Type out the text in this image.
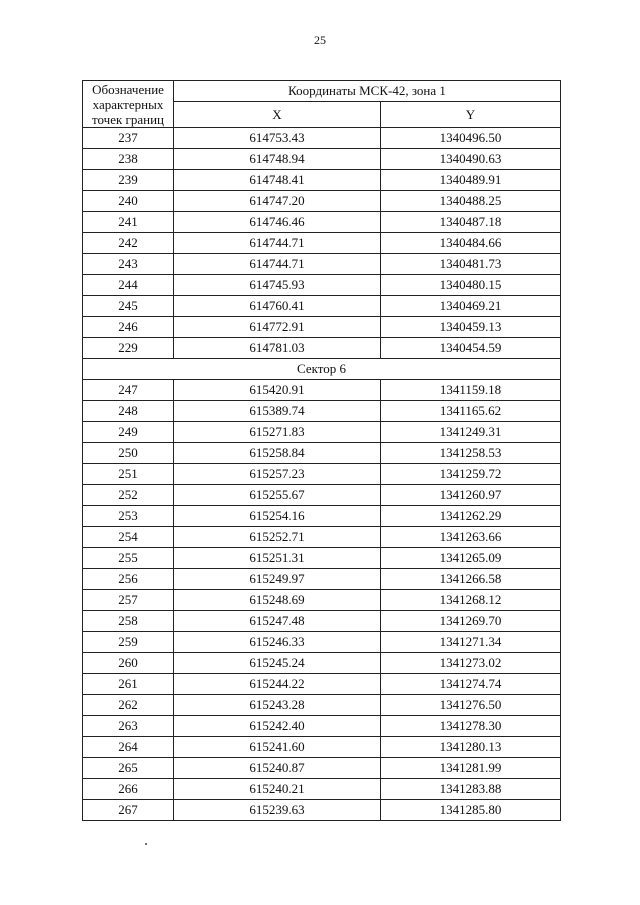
25
Обозначение
характерных
точек границ	Координаты МСК-42, зона 1	
	X	Y
237	614753.43	1340496.50
238	614748.94	1340490.63
239	614748.41	1340489.91
240	614747.20	1340488.25
241	614746.46	1340487.18
242	614744.71	1340484.66
243	614744.71	1340481.73
244	614745.93	1340480.15
245	614760.41	1340469.21
246	614772.91	1340459.13
229	614781.03	1340454.59
Сектор 6		
247	615420.91	1341159.18
248	615389.74	1341165.62
249	615271.83	1341249.31
250	615258.84	1341258.53
251	615257.23	1341259.72
252	615255.67	1341260.97
253	615254.16	1341262.29
254	615252.71	1341263.66
255	615251.31	1341265.09
256	615249.97	1341266.58
257	615248.69	1341268.12
258	615247.48	1341269.70
259	615246.33	1341271.34
260	615245.24	1341273.02
261	615244.22	1341274.74
262	615243.28	1341276.50
263	615242.40	1341278.30
264	615241.60	1341280.13
265	615240.87	1341281.99
266	615240.21	1341283.88
267	615239.63	1341285.80
